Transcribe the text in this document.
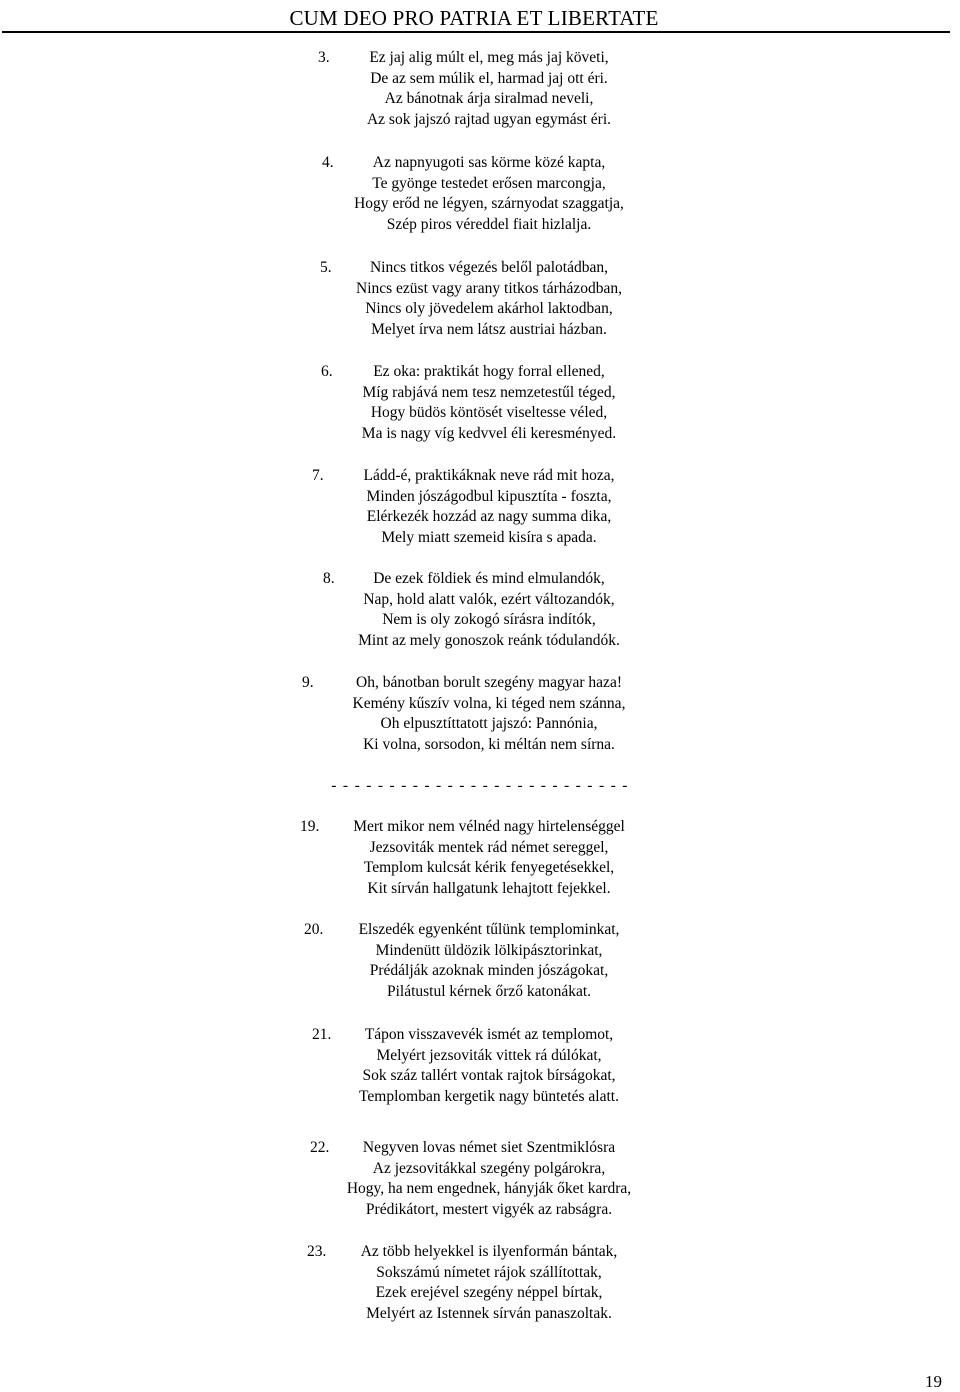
CUM DEO PRO PATRIA ET LIBERTATE
3.	Ez jaj alig múlt el, meg más jaj követi,
De az sem múlik el, harmad jaj ott éri.
Az bánotnak árja siralmad neveli,
Az sok jajszó rajtad ugyan egymást éri.
4.	Az napnyugoti sas körme közé kapta,
Te gyönge testedet erősen marcongja,
Hogy erőd ne légyen, szárnyodat szaggatja,
Szép piros véreddel fiait hizlalja.
5.	Nincs titkos végezés belől palotádban,
Nincs ezüst vagy arany titkos tárházodban,
Nincs oly jövedelem akárhol laktodban,
Melyet írva nem látsz austriai házban.
6.	Ez oka: praktikát hogy forral ellened,
Míg rabjává nem tesz nemzetestűl téged,
Hogy büdös köntösét viseltesse véled,
Ma is nagy víg kedvvel éli keresményed.
7.	Ládd-é, praktikáknak neve rád mit hoza,
Minden jószágodbul kipusztíta - foszta,
Elérkezék hozzád az nagy summa dika,
Mely miatt szemeid kisíra s apada.
8.	De ezek földiek és mind elmulandók,
Nap, hold alatt valók, ezért változandók,
Nem is oly zokogó sírásra indítók,
Mint az mely gonoszok reánk tódulandók.
9.	Oh, bánotban borult szegény magyar haza!
Kemény kűszív volna, ki téged nem szánna,
Oh elpusztíttatott jajszó: Pannónia,
Ki volna, sorsodon, ki méltán nem sírna.
- - - - - - - - - - - - - - - - - - - - - - - - - -
19.	Mert mikor nem vélnéd nagy hirtelenséggel
Jezsoviták mentek rád német sereggel,
Templom kulcsát kérik fenyegetésekkel,
Kit sírván hallgatunk lehajtott fejekkel.
20.	Elszedék egyenként tűlünk templominkat,
Mindenütt üldözik lölkipásztorinkat,
Prédálják azoknak minden jószágokat,
Pilátustul kérnek őrző katonákat.
21.	Tápon visszavevék ismét az templomot,
Melyért jezsoviták vittek rá dúlókat,
Sok száz tallért vontak rajtok bírságokat,
Templomban kergetik nagy büntetés alatt.
22.	Negyven lovas német siet Szentmiklósra
Az jezsovitákkal szegény polgárokra,
Hogy, ha nem engednek, hányják őket kardra,
Prédikátort, mestert vigyék az rabságra.
23.	Az több helyekkel is ilyenformán bántak,
Sokszámú nímetet rájok szállítottak,
Ezek erejével szegény néppel bírtak,
Melyért az Istennek sírván panaszoltak.
19
